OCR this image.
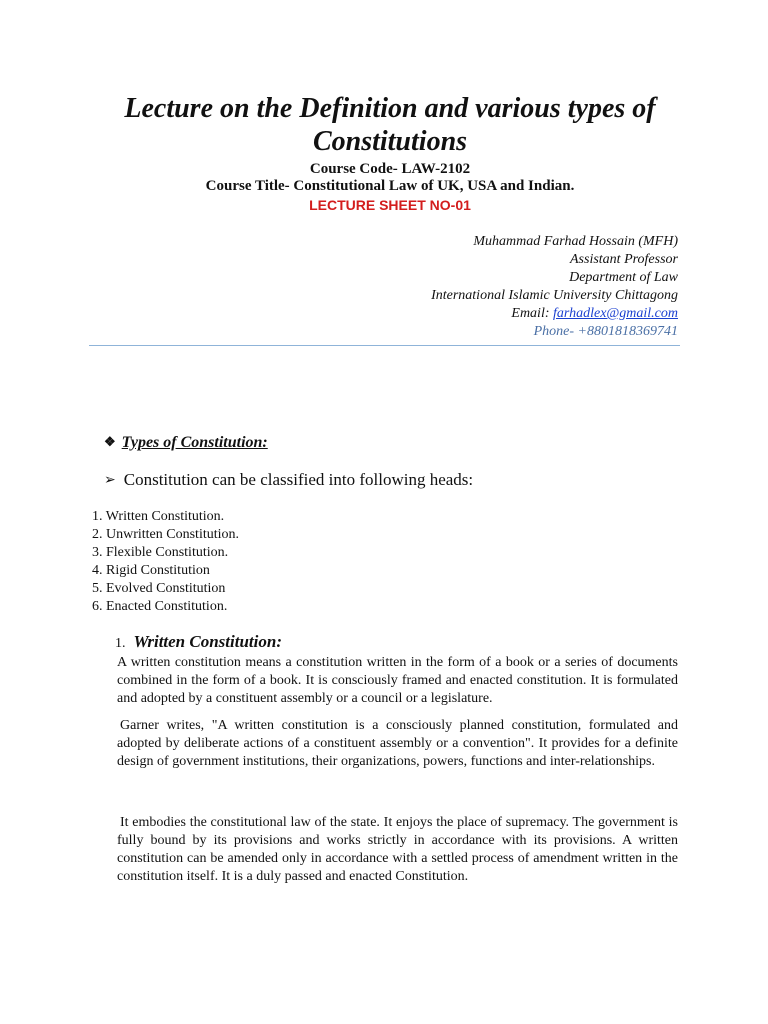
Lecture on the Definition and various types of Constitutions
Course Code- LAW-2102
Course Title- Constitutional Law of UK, USA and Indian.
LECTURE SHEET NO-01
Muhammad Farhad Hossain (MFH)
Assistant Professor
Department of Law
International Islamic University Chittagong
Email: farhadlex@gmail.com
Phone- +8801818369741
❖ Types of Constitution:
➢ Constitution can be classified into following heads:
1. Written Constitution.
2. Unwritten Constitution.
3. Flexible Constitution.
4. Rigid Constitution
5. Evolved Constitution
6. Enacted Constitution.
1. Written Constitution:

A written constitution means a constitution written in the form of a book or a series of documents combined in the form of a book. It is consciously framed and enacted constitution. It is formulated and adopted by a constituent assembly or a council or a legislature.

Garner writes, "A written constitution is a consciously planned constitution, formulated and adopted by deliberate actions of a constituent assembly or a convention". It provides for a definite design of government institutions, their organizations, powers, functions and inter-relationships.

It embodies the constitutional law of the state. It enjoys the place of supremacy. The government is fully bound by its provisions and works strictly in accordance with its provisions. A written constitution can be amended only in accordance with a settled process of amendment written in the constitution itself. It is a duly passed and enacted Constitution.
